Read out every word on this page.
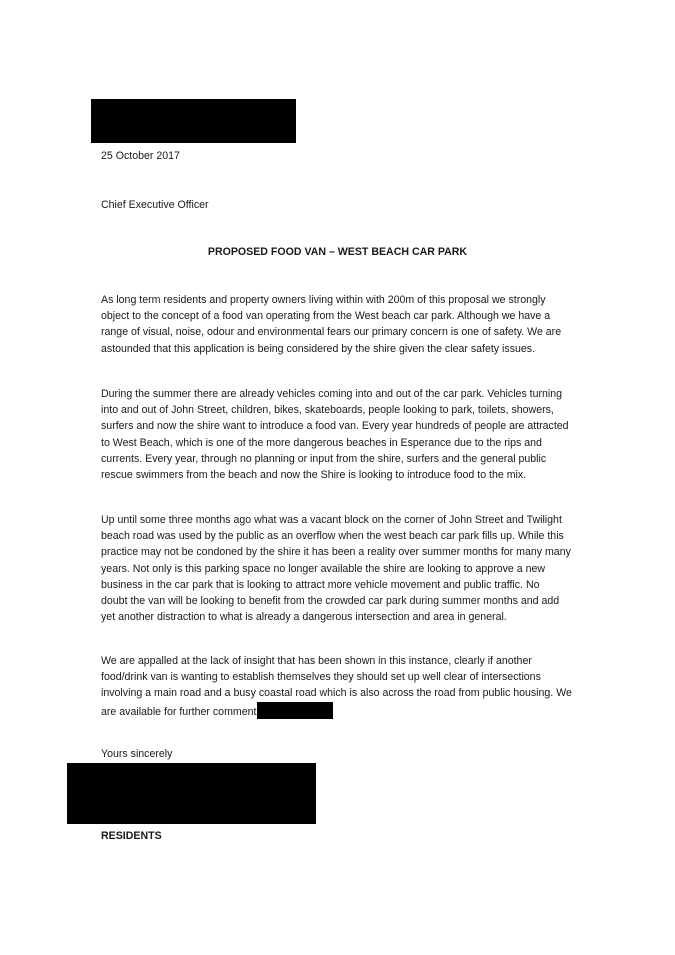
25 October 2017
Chief Executive Officer
PROPOSED FOOD VAN – WEST BEACH CAR PARK
As long term residents and property owners living within with 200m of this proposal we strongly
object to the concept of a food van operating from the West beach car park. Although we have a
range of visual, noise, odour and environmental fears our primary concern is one of safety. We are
astounded that this application is being considered by the shire given the clear safety issues.
During the summer there are already vehicles coming into and out of the car park. Vehicles turning
into and out of John Street, children, bikes, skateboards, people looking to park, toilets, showers,
surfers and now the shire want to introduce a food van. Every year hundreds of people are attracted
to West Beach, which is one of the more dangerous beaches in Esperance due to the rips and
currents. Every year, through no planning or input from the shire, surfers and the general public
rescue swimmers from the beach and now the Shire is looking to introduce food to the mix.
Up until some three months ago what was a vacant block on the corner of John Street and Twilight
beach road was used by the public as an overflow when the west beach car park fills up. While this
practice may not be condoned by the shire it has been a reality over summer months for many many
years. Not only is this parking space no longer available the shire are looking to approve a new
business in the car park that is looking to attract more vehicle movement and public traffic. No
doubt the van will be looking to benefit from the crowded car park during summer months and add
yet another distraction to what is already a dangerous intersection and area in general.
We are appalled at the lack of insight that has been shown in this instance, clearly if another
food/drink van is wanting to establish themselves they should set up well clear of intersections
involving a main road and a busy coastal road which is also across the road from public housing. We
are available for further comment
Yours sincerely
RESIDENTS
